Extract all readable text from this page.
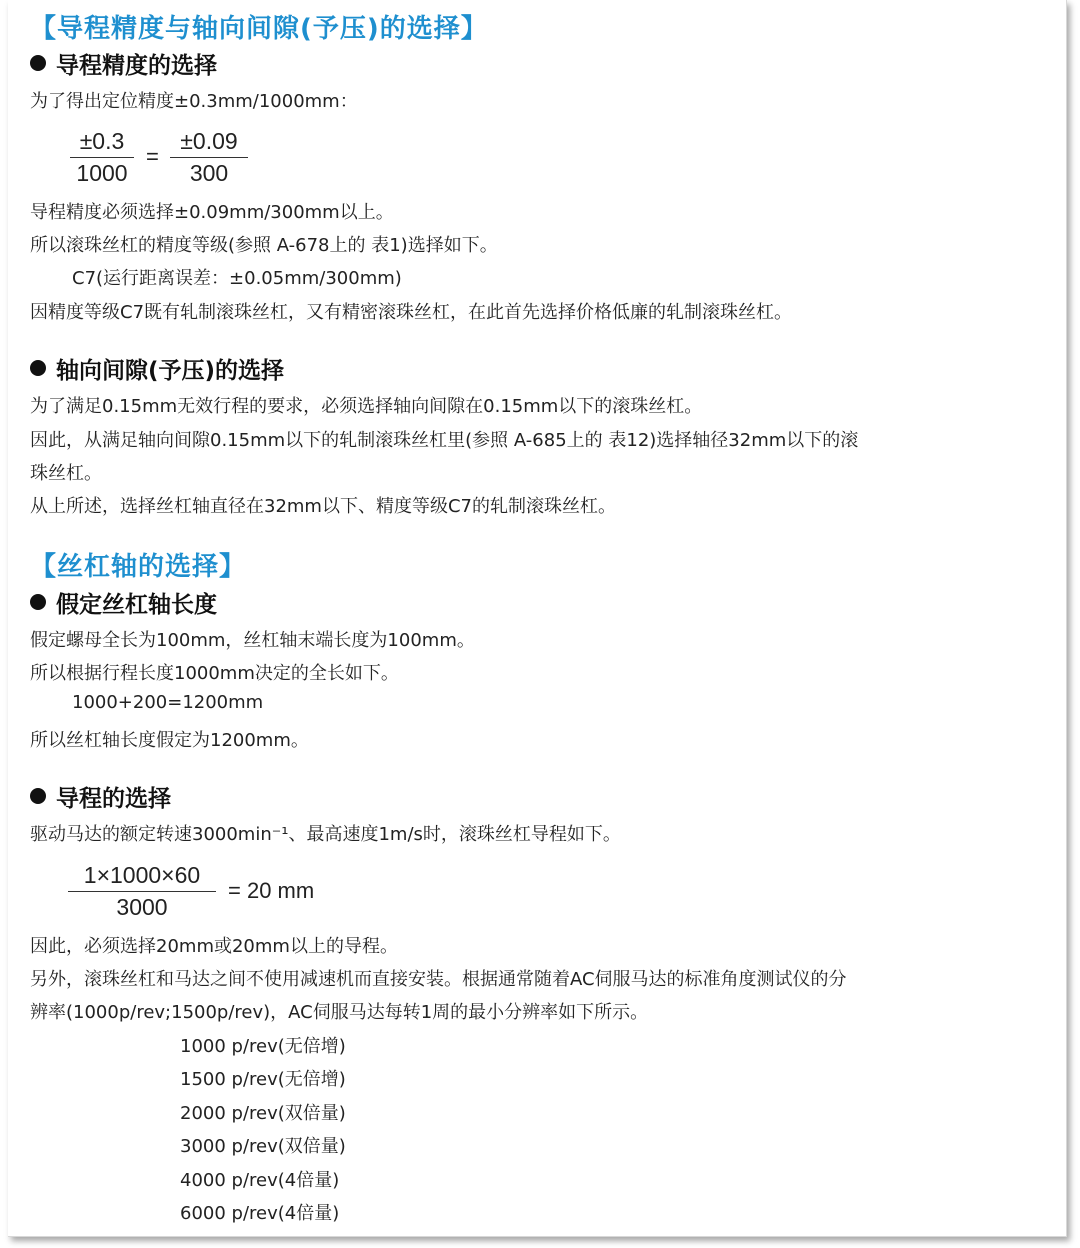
【导程精度与轴向间隙(予压)的选择】
导程精度的选择
为了得出定位精度±0.3mm/1000mm：
$\frac{\pm 0.3}{1000} = \frac{\pm 0.09}{300}$
导程精度必须选择±0.09mm/300mm以上。
所以滚珠丝杠的精度等级(参照 A-678上的 表1)选择如下。
C7(运行距离误差：±0.05mm/300mm)
因精度等级C7既有轧制滚珠丝杠，又有精密滚珠丝杠，在此首先选择价格低廉的轧制滚珠丝杠。
轴向间隙(予压)的选择
为了满足0.15mm无效行程的要求，必须选择轴向间隙在0.15mm以下的滚珠丝杠。
因此，从满足轴向间隙0.15mm以下的轧制滚珠丝杠里(参照 A-685上的 表12)选择轴径32mm以下的滚
珠丝杠。
从上所述，选择丝杠轴直径在32mm以下、精度等级C7的轧制滚珠丝杠。
【丝杠轴的选择】
假定丝杠轴长度
假定螺母全长为100mm，丝杠轴末端长度为100mm。
所以根据行程长度1000mm决定的全长如下。
1000+200=1200mm
所以丝杠轴长度假定为1200mm。
导程的选择
驱动马达的额定转速3000min⁻¹、最高速度1m/s时，滚珠丝杠导程如下。
$\frac{1\times 1000\times 60}{3000} = 20$ mm
因此，必须选择20mm或20mm以上的导程。
另外，滚珠丝杠和马达之间不使用减速机而直接安装。根据通常随着AC伺服马达的标准角度测试仪的分
辨率(1000p/rev;1500p/rev)，AC伺服马达每转1周的最小分辨率如下所示。
1000 p/rev(无倍增)
1500 p/rev(无倍增)
2000 p/rev(双倍量)
3000 p/rev(双倍量)
4000 p/rev(4倍量)
6000 p/rev(4倍量)
